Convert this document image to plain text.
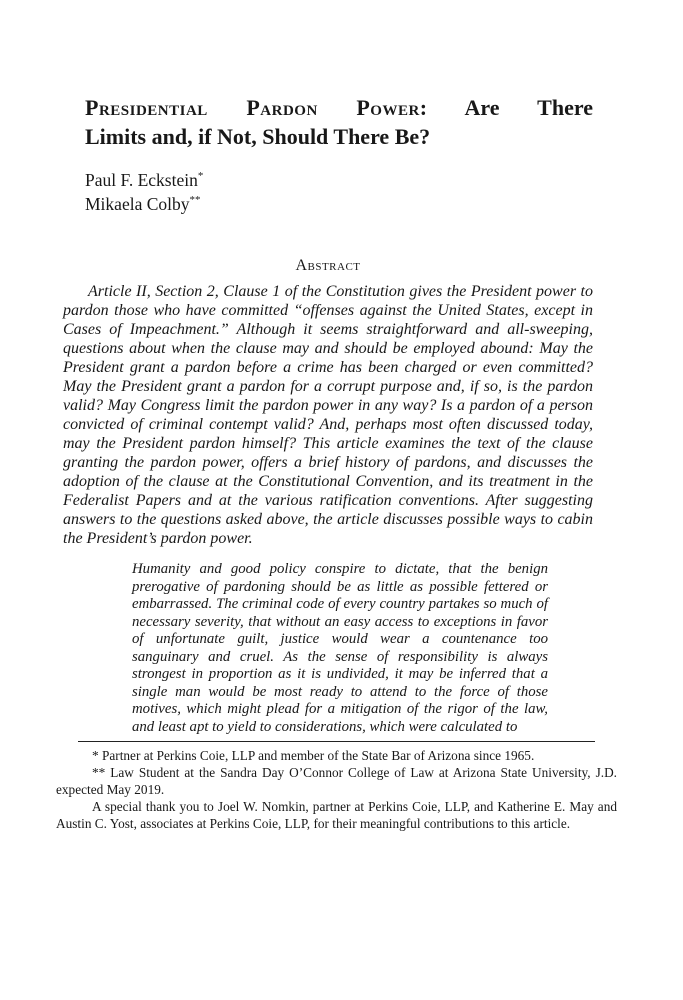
Presidential Pardon Power: Are There
Limits and, if Not, Should There Be?
Paul F. Eckstein*
Mikaela Colby**
Abstract

Article II, Section 2, Clause 1 of the Constitution gives the President power to pardon those who have committed “offenses against the United States, except in Cases of Impeachment.” Although it seems straightforward and all-sweeping, questions about when the clause may and should be employed abound: May the President grant a pardon before a crime has been charged or even committed? May the President grant a pardon for a corrupt purpose and, if so, is the pardon valid? May Congress limit the pardon power in any way? Is a pardon of a person convicted of criminal contempt valid? And, perhaps most often discussed today, may the President pardon himself? This article examines the text of the clause granting the pardon power, offers a brief history of pardons, and discusses the adoption of the clause at the Constitutional Convention, and its treatment in the Federalist Papers and at the various ratification conventions. After suggesting answers to the questions asked above, the article discusses possible ways to cabin the President’s pardon power.

Humanity and good policy conspire to dictate, that the benign prerogative of pardoning should be as little as possible fettered or embarrassed. The criminal code of every country partakes so much of necessary severity, that without an easy access to exceptions in favor of unfortunate guilt, justice would wear a countenance too sanguinary and cruel. As the sense of responsibility is always strongest in proportion as it is undivided, it may be inferred that a single man would be most ready to attend to the force of those motives, which might plead for a mitigation of the rigor of the law, and least apt to yield to considerations, which were calculated to

* Partner at Perkins Coie, LLP and member of the State Bar of Arizona since 1965.

** Law Student at the Sandra Day O’Connor College of Law at Arizona State University, J.D. expected May 2019.

A special thank you to Joel W. Nomkin, partner at Perkins Coie, LLP, and Katherine E. May and Austin C. Yost, associates at Perkins Coie, LLP, for their meaningful contributions to this article.
